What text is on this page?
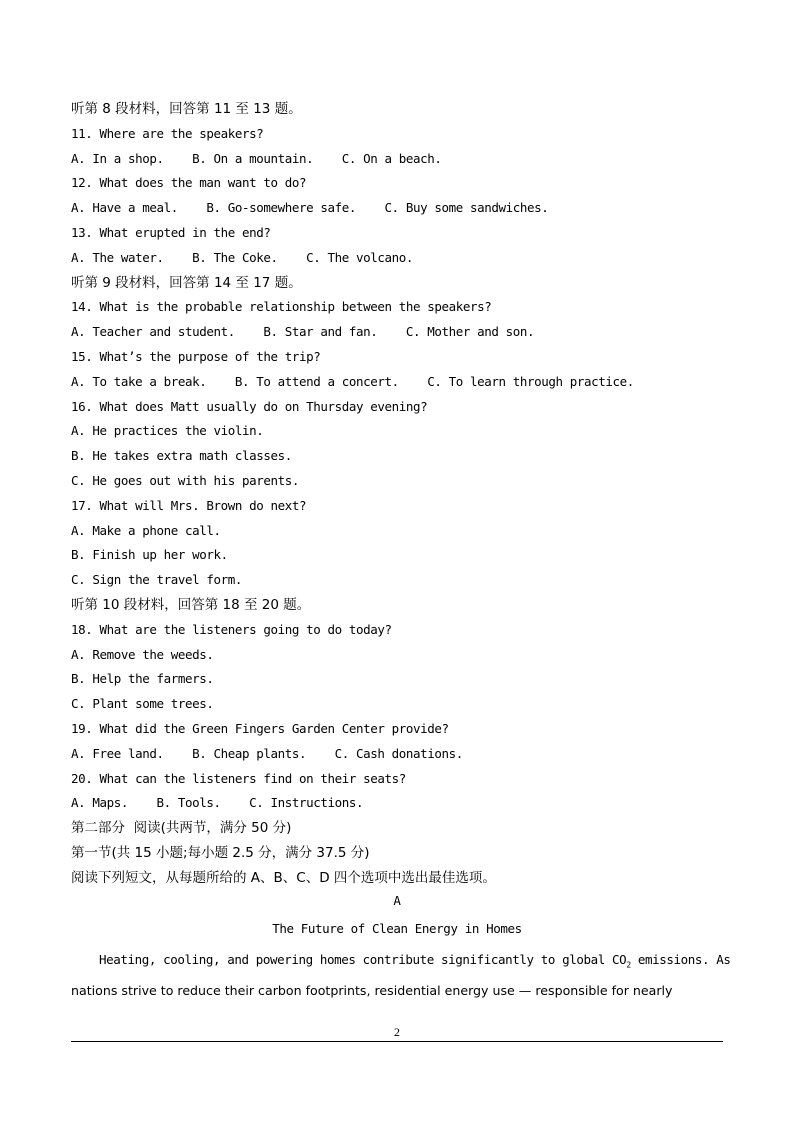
听第 8 段材料，回答第 11 至 13 题。
11. Where are the speakers?
A. In a shop.    B. On a mountain.    C. On a beach.
12. What does the man want to do?
A. Have a meal.    B. Go-somewhere safe.    C. Buy some sandwiches.
13. What erupted in the end?
A. The water.    B. The Coke.    C. The volcano.
听第 9 段材料，回答第 14 至 17 题。
14. What is the probable relationship between the speakers?
A. Teacher and student.    B. Star and fan.    C. Mother and son.
15. What’s the purpose of the trip?
A. To take a break.    B. To attend a concert.    C. To learn through practice.
16. What does Matt usually do on Thursday evening?
A. He practices the violin.
B. He takes extra math classes.
C. He goes out with his parents.
17. What will Mrs. Brown do next?
A. Make a phone call.
B. Finish up her work.
C. Sign the travel form.
听第 10 段材料，回答第 18 至 20 题。
18. What are the listeners going to do today?
A. Remove the weeds.
B. Help the farmers.
C. Plant some trees.
19. What did the Green Fingers Garden Center provide?
A. Free land.    B. Cheap plants.    C. Cash donations.
20. What can the listeners find on their seats?
A. Maps.    B. Tools.    C. Instructions.
第二部分  阅读(共两节，满分 50 分)
第一节(共 15 小题;每小题 2.5 分，满分 37.5 分)
阅读下列短文，从每题所给的 A、B、C、D 四个选项中选出最佳选项。
A
The Future of Clean Energy in Homes
Heating, cooling, and powering homes contribute significantly to global $CO_2$ emissions. As
nations strive to reduce their carbon footprints, residential energy use — responsible for nearly
2
